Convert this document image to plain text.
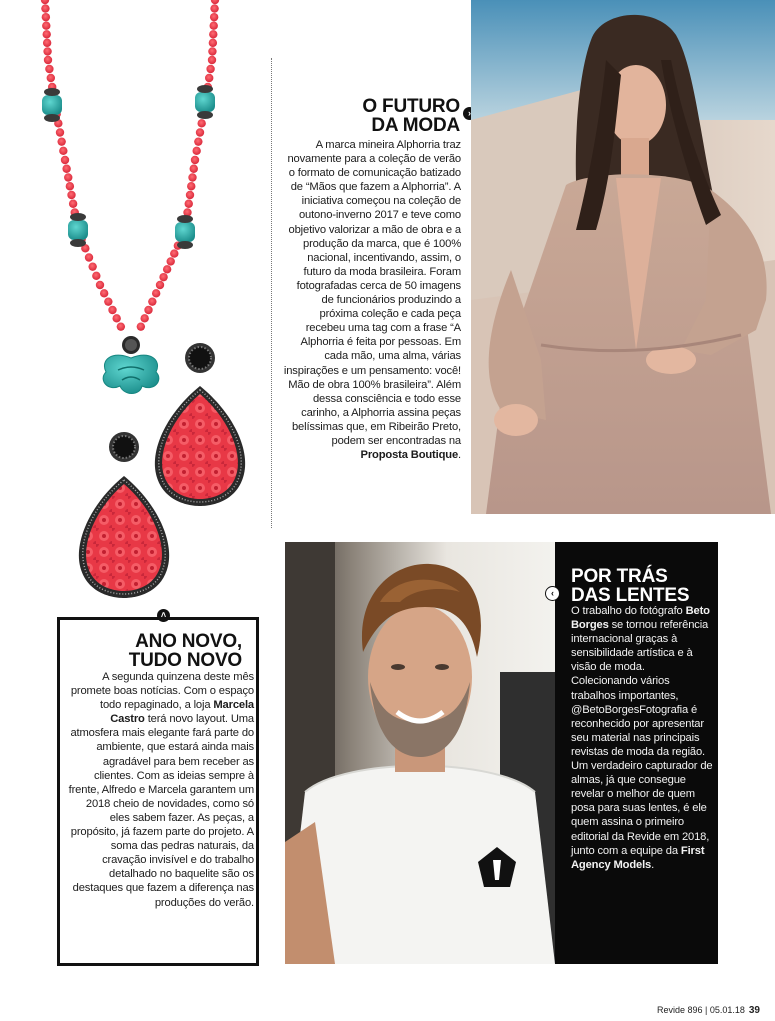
O FUTURO
DA MODA
›
A marca mineira Alphorria traz novamente para a coleção de verão o formato de comunicação batizado de “Mãos que fazem a Alphorria”. A iniciativa começou na coleção de outono-inverno 2017 e teve como objetivo valorizar a mão de obra e a produção da marca, que é 100% nacional, incentivando, assim, o futuro da moda brasileira. Foram fotografadas cerca de 50 imagens de funcionários produzindo a próxima coleção e cada peça recebeu uma tag com a frase “A Alphorria é feita por pessoas. Em cada mão, uma alma, várias inspirações e um pensamento: você! Mão de obra 100% brasileira”. Além dessa consciência e todo esse carinho, a Alphorria assina peças belíssimas que, em Ribeirão Preto, podem ser encontradas na Proposta Boutique.
˄
ANO NOVO,
TUDO NOVO
A segunda quinzena deste mês promete boas notícias. Com o espaço todo repaginado, a loja Marcela Castro terá novo layout. Uma atmosfera mais elegante fará parte do ambiente, que estará ainda mais agradável para bem receber as clientes. Com as ideias sempre à frente, Alfredo e Marcela garantem um 2018 cheio de novidades, como só eles sabem fazer. As peças, a propósito, já fazem parte do projeto. A soma das pedras naturais, da cravação invisível e do trabalho detalhado no baquelite são os destaques que fazem a diferença nas produções do verão.
‹
POR TRÁS
DAS LENTES
O trabalho do fotógrafo Beto Borges se tornou referência internacional graças à sensibilidade artística e à visão de moda. Colecionando vários trabalhos importantes, @BetoBorgesFotografia é reconhecido por apresentar seu material nas principais revistas de moda da região. Um verdadeiro capturador de almas, já que consegue revelar o melhor de quem posa para suas lentes, é ele quem assina o primeiro editorial da Revide em 2018, junto com a equipe da First Agency Models.
Revide 896 | 05.01.18 39
